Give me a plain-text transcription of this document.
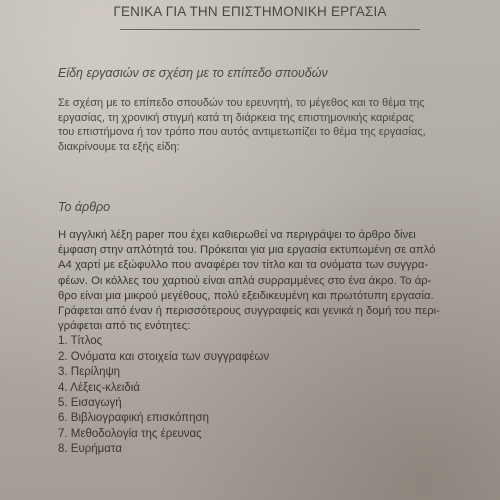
ΓΕΝΙΚΑ ΓΙΑ ΤΗΝ ΕΠΙΣΤΗΜΟΝΙΚΗ ΕΡΓΑΣΙΑ
Είδη εργασιών σε σχέση με το επίπεδο σπουδών
Σε σχέση με το επίπεδο σπουδών του ερευνητή, το μέγεθος και το θέμα της
εργασίας, τη χρονική στιγμή κατά τη διάρκεια της επιστημονικής καριέρας
του επιστήμονα ή τον τρόπο που αυτός αντιμετωπίζει το θέμα της εργασίας,
διακρίνουμε τα εξής είδη:
Το άρθρο
Η αγγλική λέξη paper που έχει καθιερωθεί να περιγράψει το άρθρο δίνει
έμφαση στην απλότητά του. Πρόκειται για μια εργασία εκτυπωμένη σε απλό
A4 χαρτί με εξώφυλλο που αναφέρει τον τίτλο και τα ονόματα των συγγρα-
φέων. Οι κόλλες του χαρτιού είναι απλά συρραμμένες στο ένα άκρο. Το άρ-
θρο είναι μια μικρού μεγέθους, πολύ εξειδικευμένη και πρωτότυπη εργασία.
Γράφεται από έναν ή περισσότερους συγγραφείς και γενικά η δομή του περι-
γράφεται από τις ενότητες:
1. Τίτλος
2. Ονόματα και στοιχεία των συγγραφέων
3. Περίληψη
4. Λέξεις-κλειδιά
5. Εισαγωγή
6. Βιβλιογραφική επισκόπηση
7. Μεθοδολογία της έρευνας
8. Ευρήματα
